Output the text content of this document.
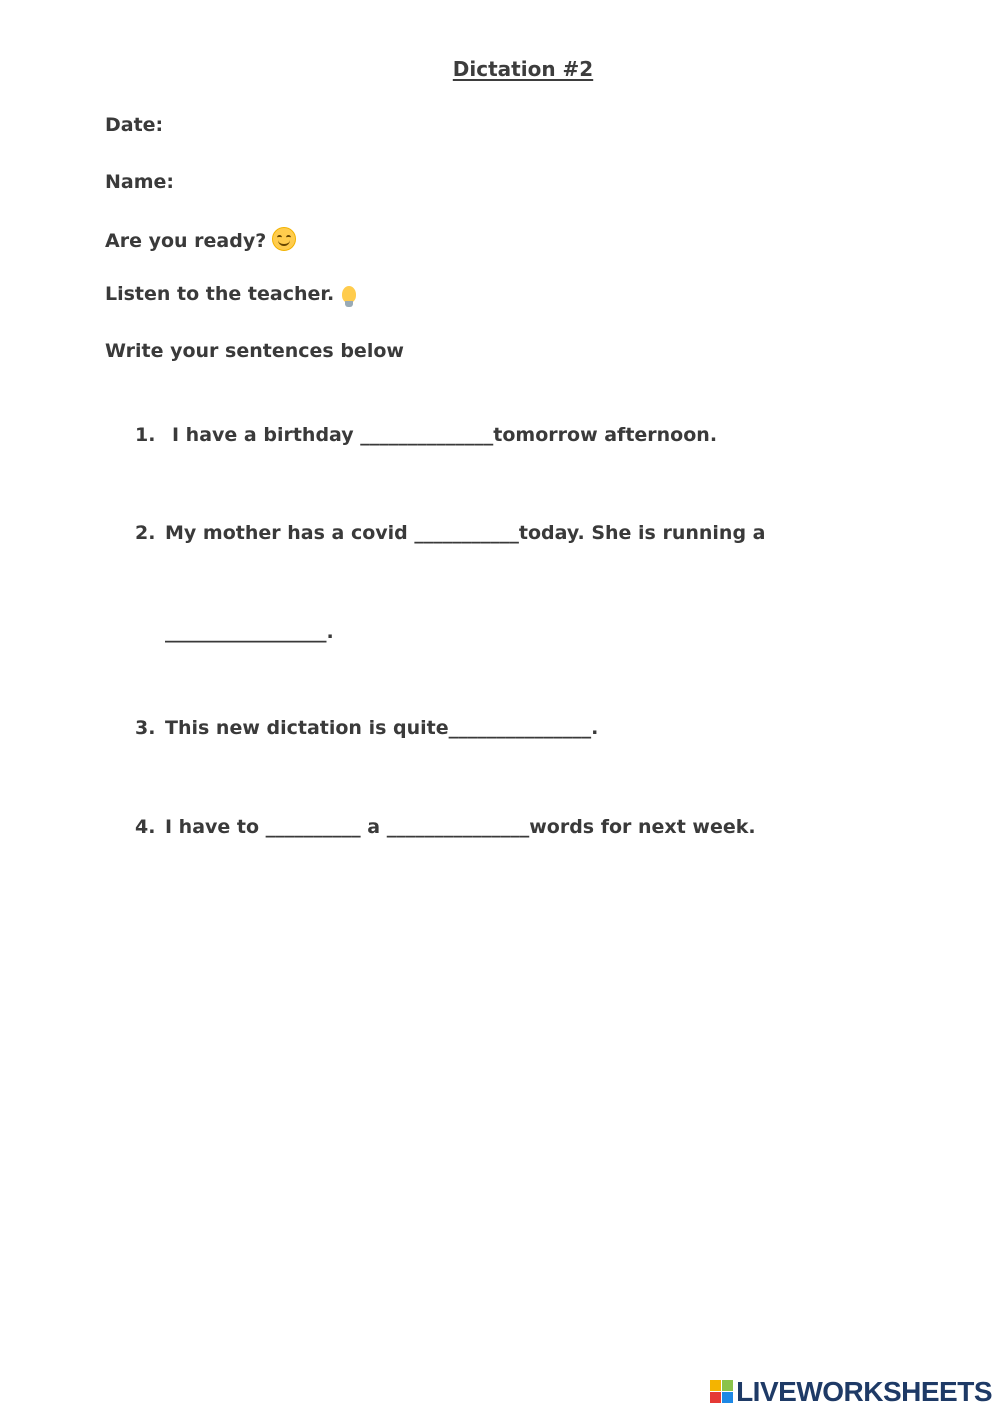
Dictation #2
Date:
Name:
Are you ready?
Listen to the teacher.
Write your sentences below
1. I have a birthday ______________tomorrow afternoon.
2. My mother has a covid ___________today. She is running a
_________________.
3. This new dictation is quite_______________.
4. I have to __________ a _______________words for next week.
LIVEWORKSHEETS
